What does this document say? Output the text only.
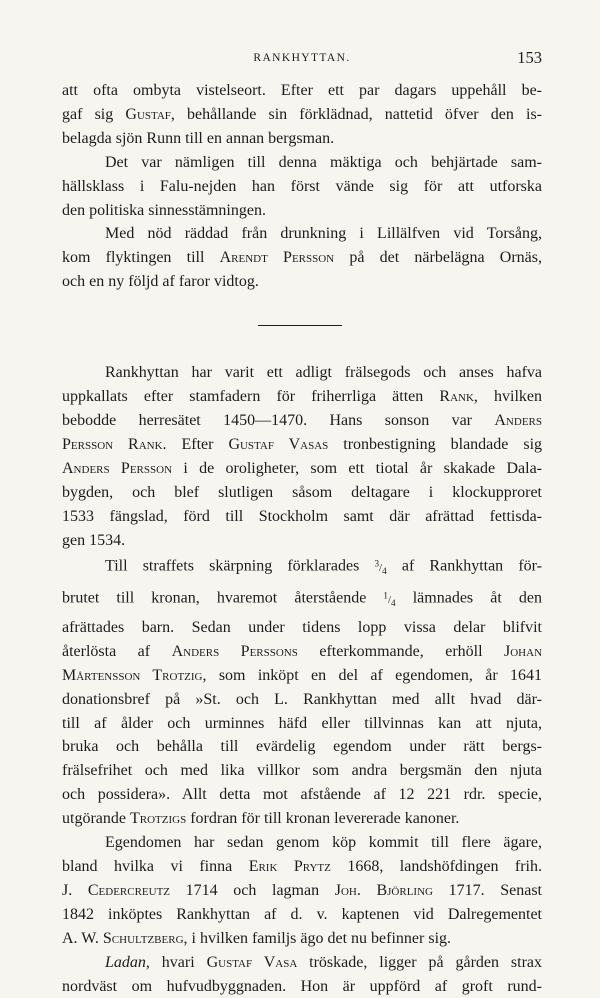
RANKHYTTAN.	153
att ofta ombyta vistelseort. Efter ett par dagars uppehåll be-
gaf sig Gustaf, behållande sin förklädnad, nattetid öfver den is-
belagda sjön Runn till en annan bergsman.
Det var nämligen till denna mäktiga och behjärtade sam-
hällsklass i Falu-nejden han först vände sig för att utforska
den politiska sinnesstämningen.
Med nöd räddad från drunkning i Lillälfven vid Torsång,
kom flyktingen till Arendt Persson på det närbelägna Ornäs,
och en ny följd af faror vidtog.
Rankhyttan har varit ett adligt frälsegods och anses hafva
uppkallats efter stamfadern för friherrliga ätten Rank, hvilken
bebodde herresätet 1450—1470. Hans sonson var Anders
Persson Rank. Efter Gustaf Vasas tronbestigning blandade sig
Anders Persson i de oroligheter, som ett tiotal år skakade Dala-
bygden, och blef slutligen såsom deltagare i klockupproret
1533 fängslad, förd till Stockholm samt där afrättad fettisda-
gen 1534.
Till straffets skärpning förklarades $^3/_4$ af Rankhyttan för-
brutet till kronan, hvaremot återstående $^1/_4$ lämnades åt den
afrättades barn. Sedan under tidens lopp vissa delar blifvit
återlösta af Anders Perssons efterkommande, erhöll Johan
Mårtensson Trotzig, som inköpt en del af egendomen, år 1641
donationsbref på »St. och L. Rankhyttan med allt hvad där-
till af ålder och urminnes häfd eller tillvinnas kan att njuta,
bruka och behålla till evärdelig egendom under rätt bergs-
frälsefrihet och med lika villkor som andra bergsmän den njuta
och possidera». Allt detta mot afstående af 12 221 rdr. specie,
utgörande Trotzigs fordran för till kronan levererade kanoner.
Egendomen har sedan genom köp kommit till flere ägare,
bland hvilka vi finna Erik Prytz 1668, landshöfdingen frih.
J. Cedercreutz 1714 och lagman Joh. Björling 1717. Senast
1842 inköptes Rankhyttan af d. v. kaptenen vid Dalregementet
A. W. Schultzberg, i hvilken familjs ägo det nu befinner sig.
Ladan, hvari Gustaf Vasa tröskade, ligger på gården strax
nordväst om hufvudbyggnaden. Hon är uppförd af groft rund-
